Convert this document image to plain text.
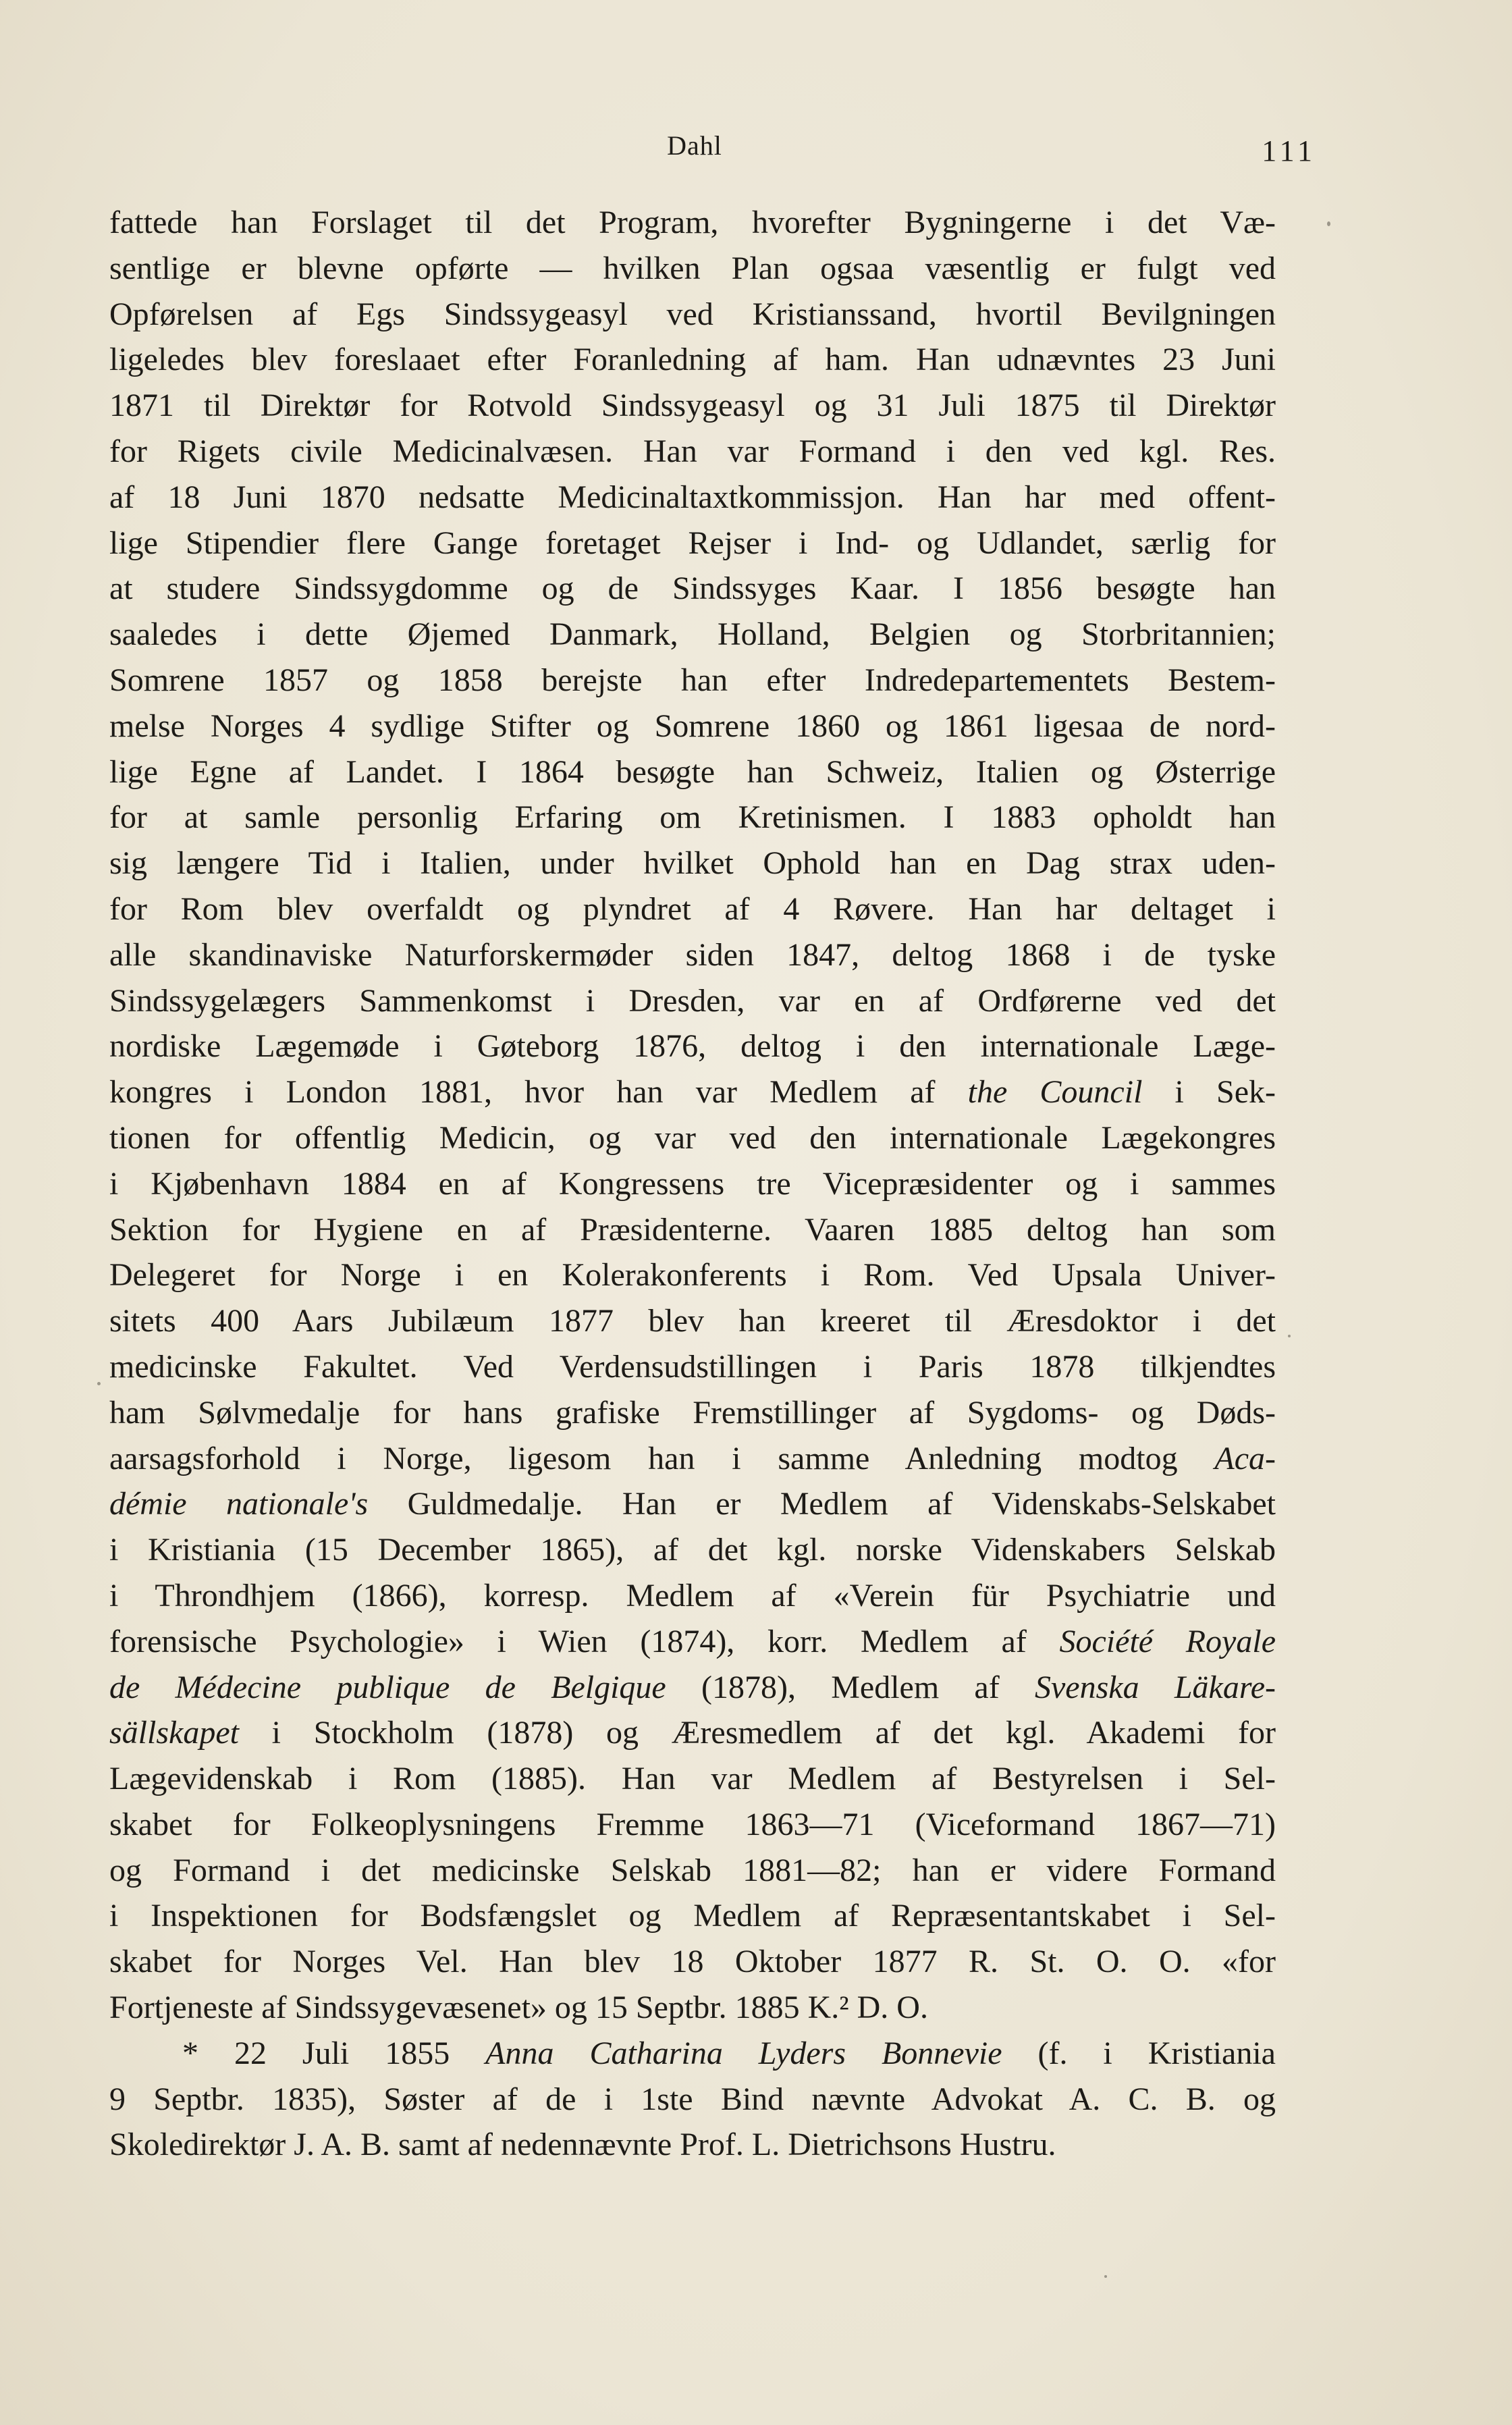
Dahl	111
fattede han Forslaget til det Program, hvorefter Bygningerne i det Væ-
sentlige er blevne opførte — hvilken Plan ogsaa væsentlig er fulgt ved
Opførelsen af Egs Sindssygeasyl ved Kristianssand, hvortil Bevilgningen
ligeledes blev foreslaaet efter Foranledning af ham. Han udnævntes 23 Juni
1871 til Direktør for Rotvold Sindssygeasyl og 31 Juli 1875 til Direktør
for Rigets civile Medicinalvæsen. Han var Formand i den ved kgl. Res.
af 18 Juni 1870 nedsatte Medicinaltaxtkommissjon. Han har med offent-
lige Stipendier flere Gange foretaget Rejser i Ind- og Udlandet, særlig for
at studere Sindssygdomme og de Sindssyges Kaar. I 1856 besøgte han
saaledes i dette Øjemed Danmark, Holland, Belgien og Storbritannien;
Somrene 1857 og 1858 berejste han efter Indredepartementets Bestem-
melse Norges 4 sydlige Stifter og Somrene 1860 og 1861 ligesaa de nord-
lige Egne af Landet. I 1864 besøgte han Schweiz, Italien og Østerrige
for at samle personlig Erfaring om Kretinismen. I 1883 opholdt han
sig længere Tid i Italien, under hvilket Ophold han en Dag strax uden-
for Rom blev overfaldt og plyndret af 4 Røvere. Han har deltaget i
alle skandinaviske Naturforskermøder siden 1847, deltog 1868 i de tyske
Sindssygelægers Sammenkomst i Dresden, var en af Ordførerne ved det
nordiske Lægemøde i Gøteborg 1876, deltog i den internationale Læge-
kongres i London 1881, hvor han var Medlem af the Council i Sek-
tionen for offentlig Medicin, og var ved den internationale Lægekongres
i Kjøbenhavn 1884 en af Kongressens tre Vicepræsidenter og i sammes
Sektion for Hygiene en af Præsidenterne. Vaaren 1885 deltog han som
Delegeret for Norge i en Kolerakonferents i Rom. Ved Upsala Univer-
sitets 400 Aars Jubilæum 1877 blev han kreeret til Æresdoktor i det
medicinske Fakultet. Ved Verdensudstillingen i Paris 1878 tilkjendtes
ham Sølvmedalje for hans grafiske Fremstillinger af Sygdoms- og Døds-
aarsagsforhold i Norge, ligesom han i samme Anledning modtog Aca-
démie nationale's Guldmedalje. Han er Medlem af Videnskabs-Selskabet
i Kristiania (15 December 1865), af det kgl. norske Videnskabers Selskab
i Throndhjem (1866), korresp. Medlem af «Verein für Psychiatrie und
forensische Psychologie» i Wien (1874), korr. Medlem af Société Royale
de Médecine publique de Belgique (1878), Medlem af Svenska Läkare-
sällskapet i Stockholm (1878) og Æresmedlem af det kgl. Akademi for
Lægevidenskab i Rom (1885). Han var Medlem af Bestyrelsen i Sel-
skabet for Folkeoplysningens Fremme 1863—71 (Viceformand 1867—71)
og Formand i det medicinske Selskab 1881—82; han er videre Formand
i Inspektionen for Bodsfængslet og Medlem af Repræsentantskabet i Sel-
skabet for Norges Vel. Han blev 18 Oktober 1877 R. St. O. O. «for
Fortjeneste af Sindssygevæsenet» og 15 Septbr. 1885 K.² D. O.
* 22 Juli 1855 Anna Catharina Lyders Bonnevie (f. i Kristiania
9 Septbr. 1835), Søster af de i 1ste Bind nævnte Advokat A. C. B. og
Skoledirektør J. A. B. samt af nedennævnte Prof. L. Dietrichsons Hustru.
